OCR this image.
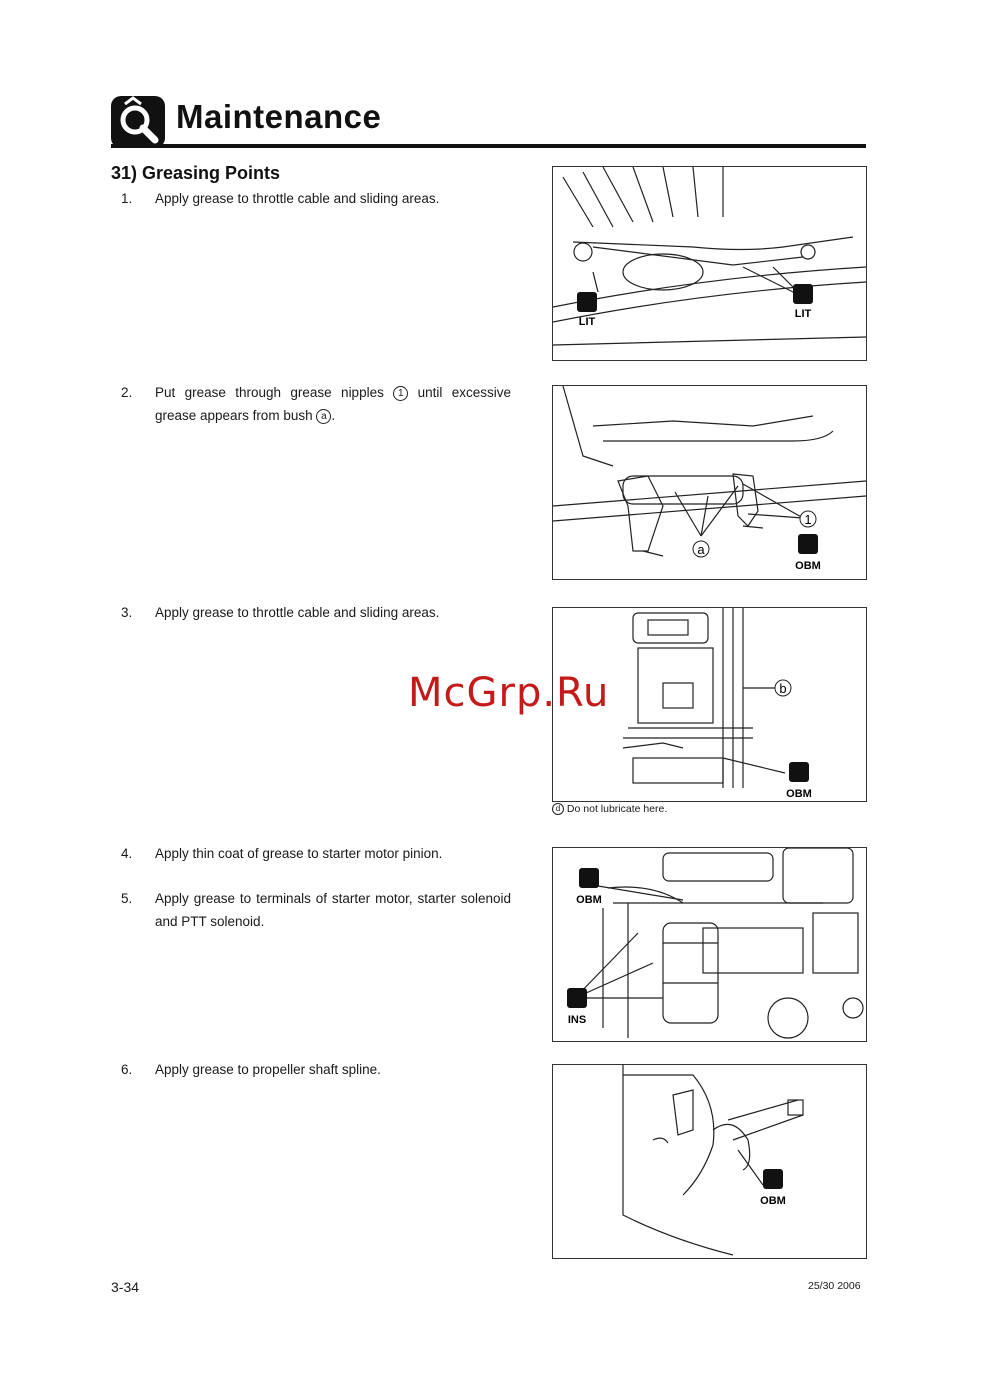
Maintenance
31) Greasing Points
1. Apply grease to throttle cable and sliding areas.
2. Put grease through grease nipples 1 until excessive grease appears from bush a .
3. Apply grease to throttle cable and sliding areas.
4. Apply thin coat of grease to starter motor pinion.
5. Apply grease to terminals of starter motor, starter solenoid and PTT solenoid.
6. Apply grease to propeller shaft spline.
LIT
LIT
1
a
OBM
b
OBM
d Do not lubricate here.
McGrp.Ru
OBM
INS
OBM
3-34	25/30 2006
